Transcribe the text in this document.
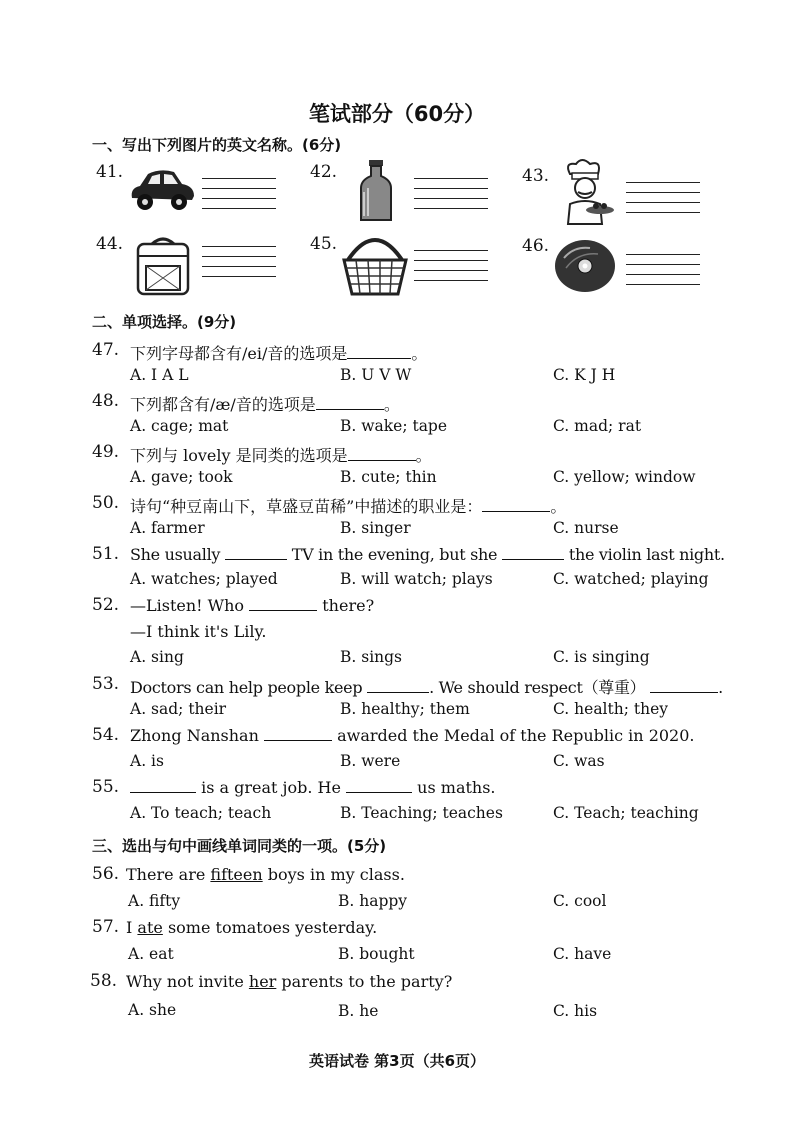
笔试部分（60分）
一、写出下列图片的英文名称。(6分)
41.	42.	43.
44.	45.	46.
二、单项选择。(9分)
47. 下列字母都含有/ei/音的选项是	。
A. I A L	B. U V W	C. K J H
48. 下列都含有/æ/音的选项是	。
A. cage; mat	B. wake; tape	C. mad; rat
49. 下列与 lovely 是同类的选项是	。
A. gave; took	B. cute; thin	C. yellow; window
50. 诗句“种豆南山下，草盛豆苗稀”中描述的职业是：	。
A. farmer	B. singer	C. nurse
51. She usually	TV in the evening, but she	the violin last night.
A. watches; played	B. will watch; plays	C. watched; playing
52. —Listen! Who	there?
—I think it's Lily.
A. sing	B. sings	C. is singing
53. Doctors can help people keep	. We should respect（尊重）	.
A. sad; their	B. healthy; them	C. health; they
54. Zhong Nanshan	awarded the Medal of the Republic in 2020.
A. is	B. were	C. was
55.	is a great job. He	us maths.
A. To teach; teach	B. Teaching; teaches	C. Teach; teaching
三、选出与句中画线单词同类的一项。(5分)
56. There are fifteen boys in my class.
A. fifty	B. happy	C. cool
57. I ate some tomatoes yesterday.
A. eat	B. bought	C. have
58. Why not invite her parents to the party?
A. she	B. he	C. his
英语试卷 第3页（共6页）
